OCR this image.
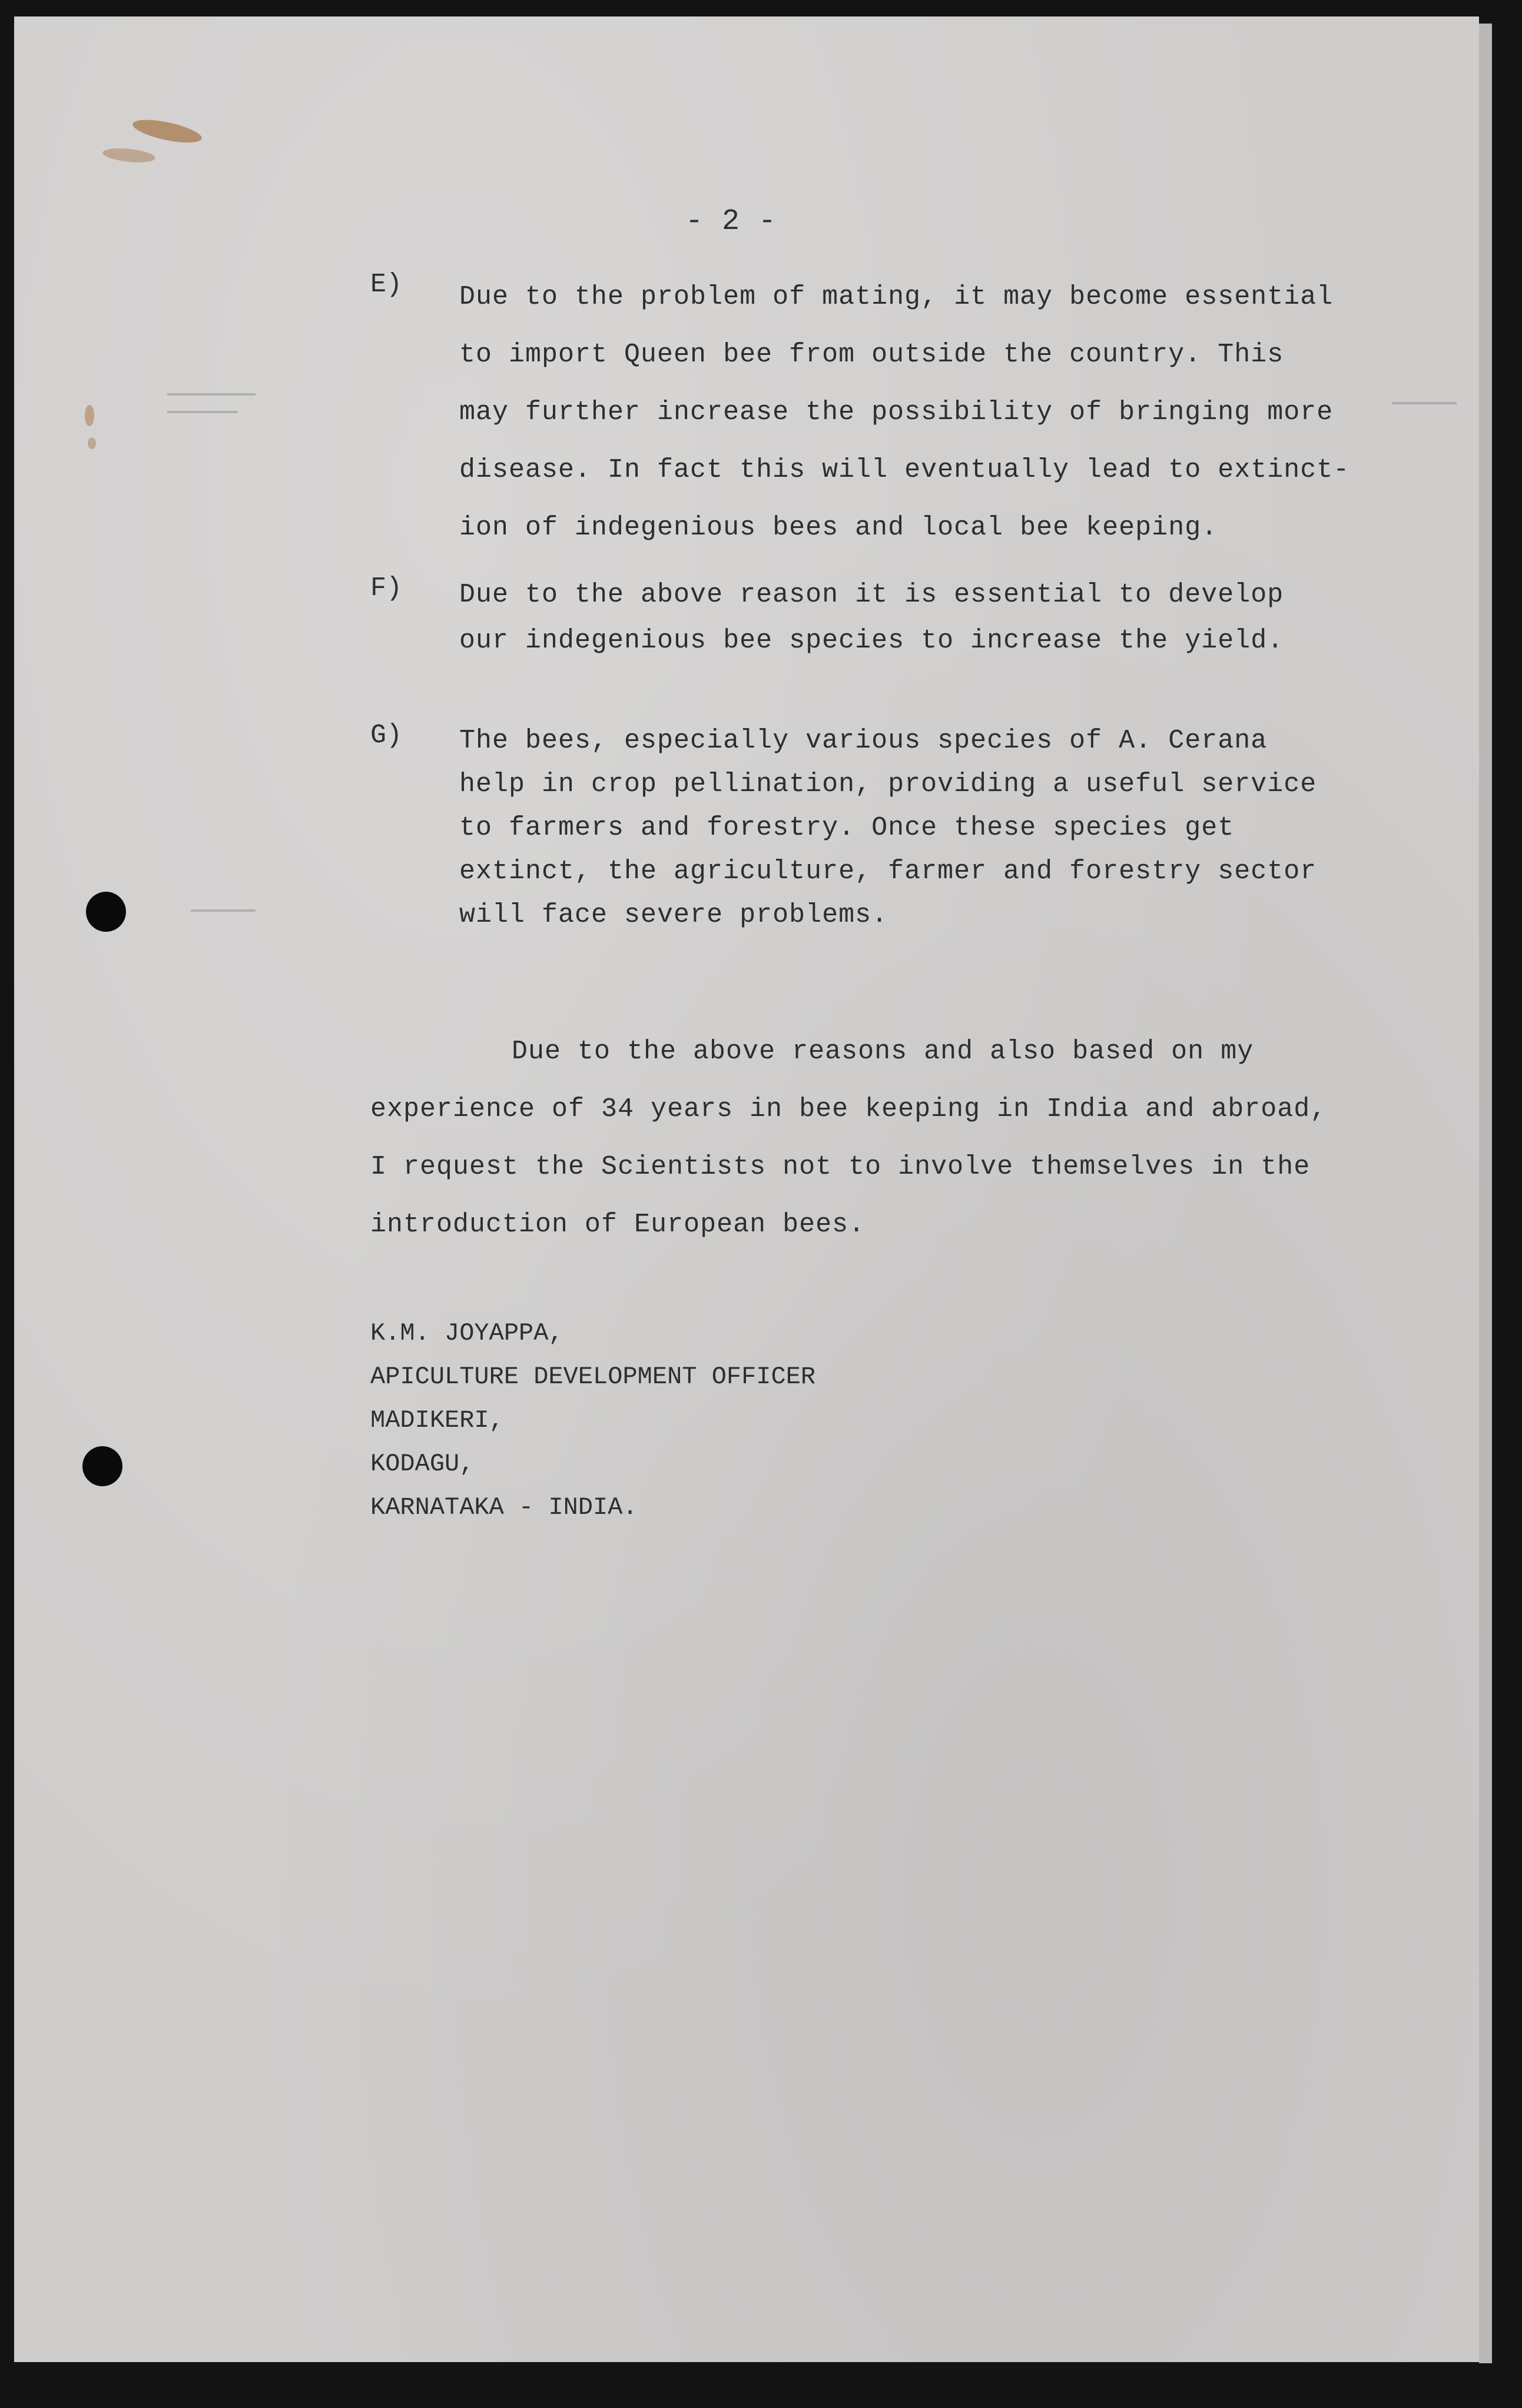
- 2 -
E) Due to the problem of mating, it may become essential

to import Queen bee from outside the country. This

may further increase the possibility of bringing more

disease. In fact this will eventually lead to extinct-

ion of indegenious bees and local bee keeping.

F) Due to the above reason it is essential to develop

our indegenious bee species to increase the yield.

G) The bees, especially various species of A. Cerana

help in crop pellination, providing a useful service

to farmers and forestry. Once these species get

extinct, the agriculture, farmer and forestry sector

will face severe problems.

Due to the above reasons and also based on my

experience of 34 years in bee keeping in India and abroad,

I request the Scientists not to involve themselves in the

introduction of European bees.

K.M. JOYAPPA,

APICULTURE DEVELOPMENT OFFICER

MADIKERI,

KODAGU,

KARNATAKA - INDIA.
